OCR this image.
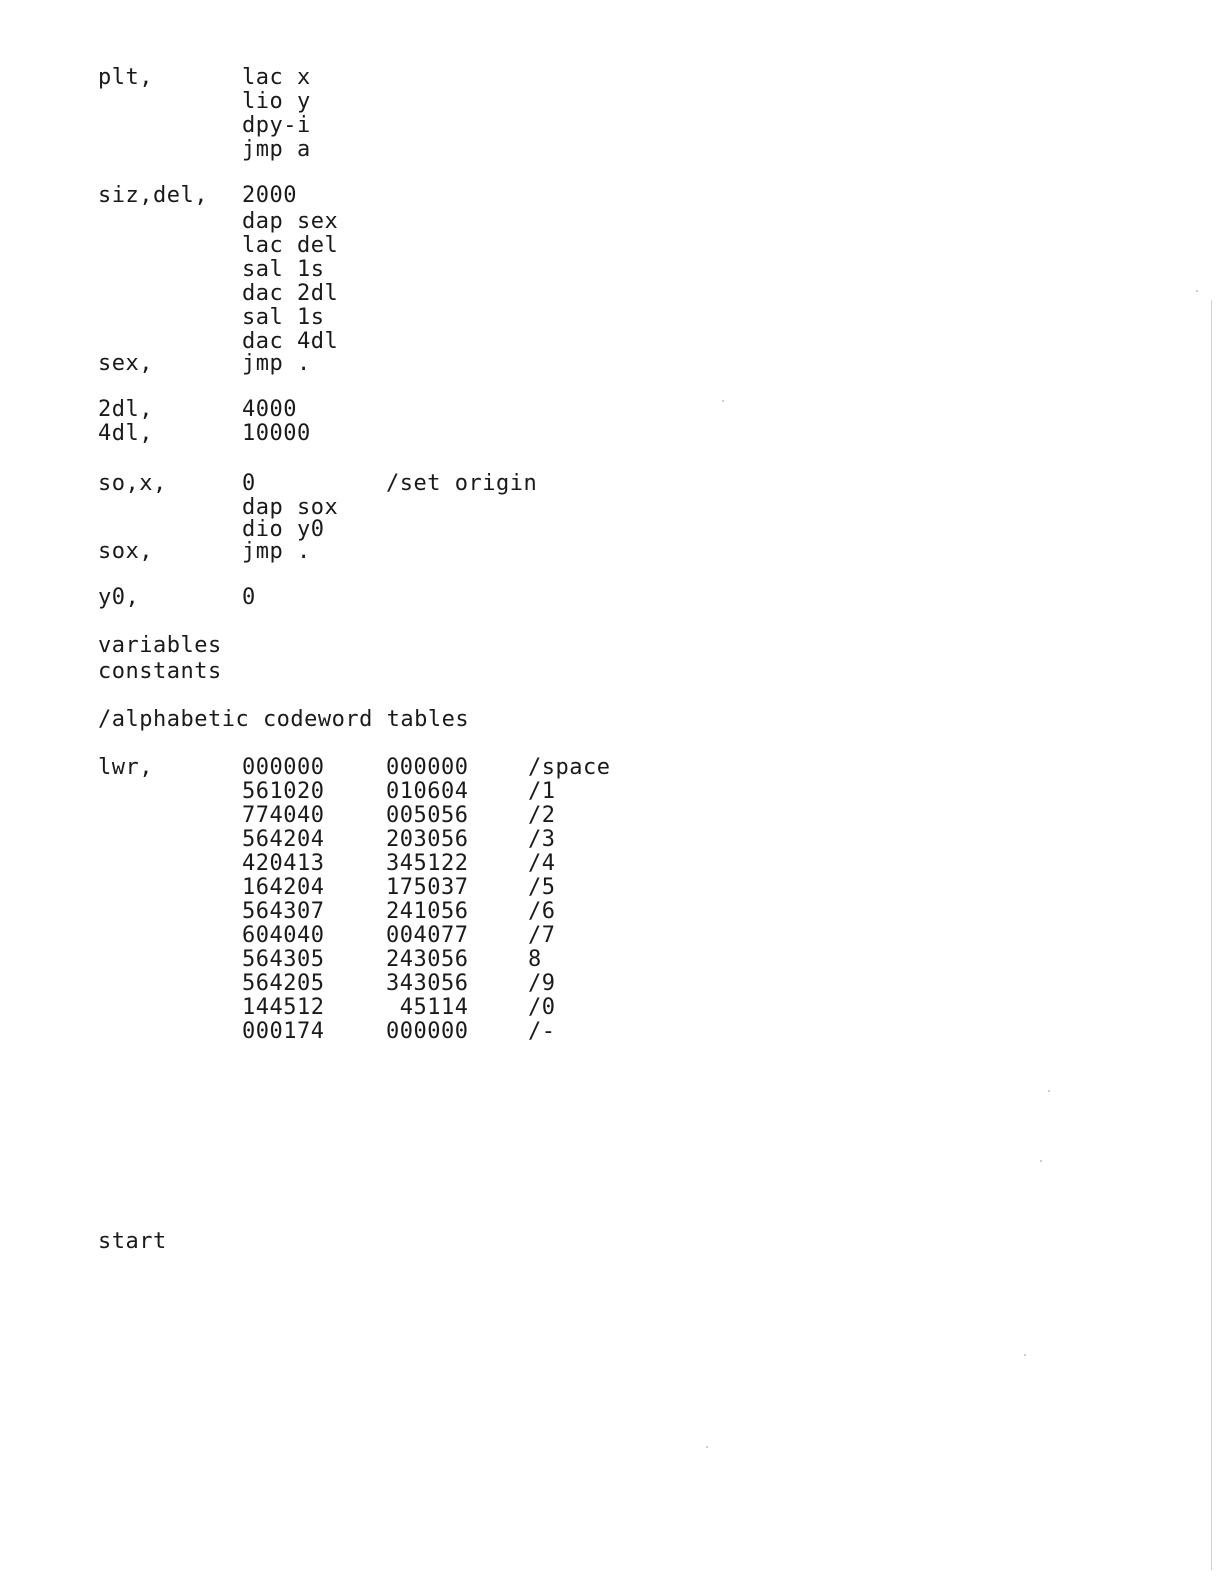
plt,	lac x
lio y
dpy-i
jmp a
siz,del, 2000
dap sex
lac del
sal 1s
dac 2dl
sal 1s
dac 4dl
sex,	jmp .
2dl,	4000
4dl,	10000
so,x,	0	/set origin
dap sox
dio y0
sox,	jmp .
y0,	0
variables
constants
/alphabetic codeword tables
lwr,	000000	000000	/space
561020	010604	/1
774040	005056	/2
564204	203056	/3
420413	345122	/4
164204	175037	/5
564307	241056	/6
604040	004077	/7
564305	243056	8
564205	343056	/9
144512	45114	/0
000174	000000	/-
start
